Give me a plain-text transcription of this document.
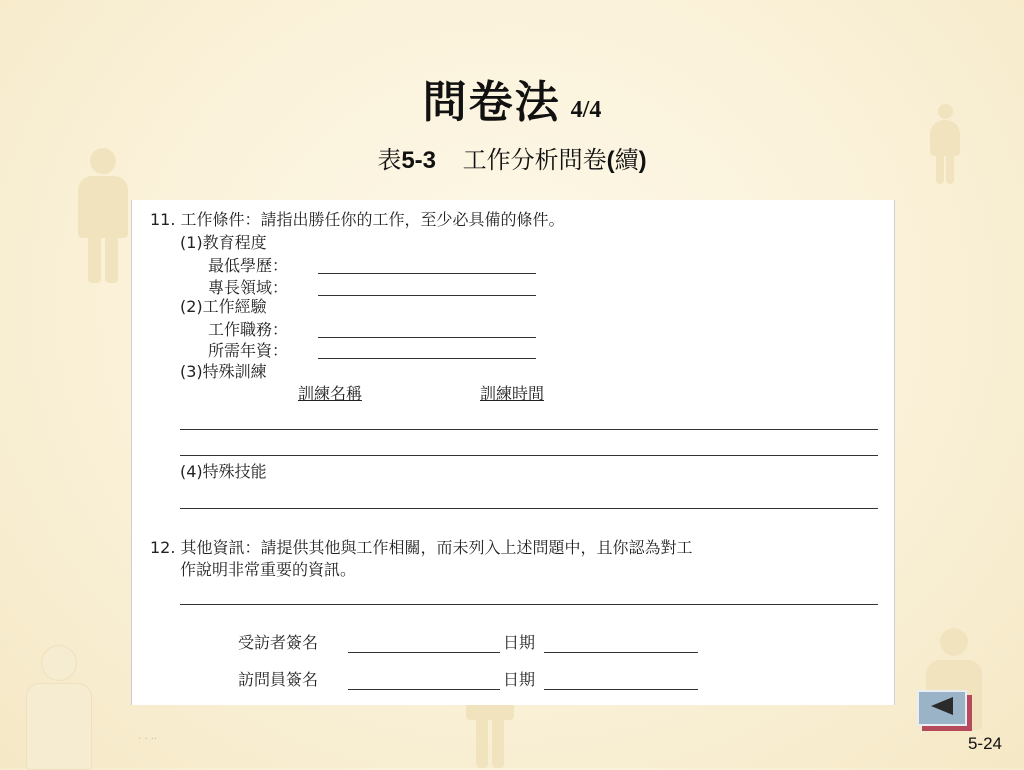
問卷法 4/4
表5-3 工作分析問卷(續)
11. 工作條件：請指出勝任你的工作，至少必具備的條件。
(1)教育程度
最低學歷：
專長領域：
(2)工作經驗
工作職務：
所需年資：
(3)特殊訓練
訓練名稱	訓練時間
(4)特殊技能
12. 其他資訊：請提供其他與工作相關，而未列入上述問題中，且你認為對工
作說明非常重要的資訊。
受訪者簽名	日期
訪問員簽名	日期
· · ··	5-24
